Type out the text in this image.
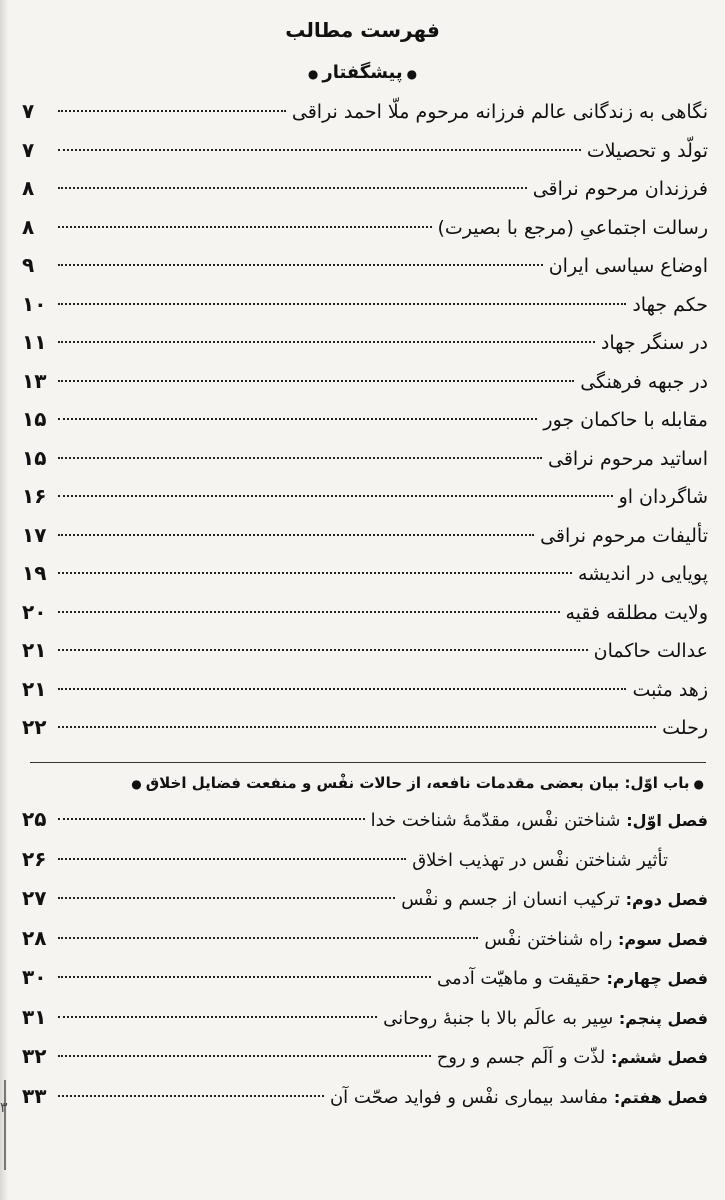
فهرست مطالب
● پیشگفتار ●
نگاهی به زندگانی عالم فرزانه مرحوم ملّا احمد نراقی
۷
تولّد و تحصیلات
۷
فرزندان مرحوم نراقی
۸
رسالت اجتماعیِ (مرجع با بصیرت)
۸
اوضاع سیاسی ایران
۹
حکم جهاد
۱۰
در سنگر جهاد
۱۱
در جبهه فرهنگی
۱۳
مقابله با حاکمان جور
۱۵
اساتید مرحوم نراقی
۱۵
شاگردان او
۱۶
تألیفات مرحوم نراقی
۱۷
پویایی در اندیشه
۱۹
ولایت مطلقه فقیه
۲۰
عدالت حاکمان
۲۱
زهد مثبت
۲۱
رحلت
۲۲
●باب اوّل: بیان بعضی مقدمات نافعه، از حالات نفْس و منفعت فضایل اخلاق●
فصل اوّل: شناختن نفْس، مقدّمهٔ شناخت خدا
۲۵
تأثیر شناختن نفْس در تهذیب اخلاق
۲۶
فصل دوم: ترکیب انسان از جسم و نفْس
۲۷
فصل سوم: راه شناختن نفْس
۲۸
فصل چهارم: حقیقت و ماهیّت آدمی
۳۰
فصل پنجم: سِیر به عالَم بالا با جنبهٔ روحانی
۳۱
فصل ششم: لذّت و اَلَم جسم و روح
۳۲
فصل هفتم: مفاسد بیماری نفْس و فواید صحّت آن
۳۳
۳
